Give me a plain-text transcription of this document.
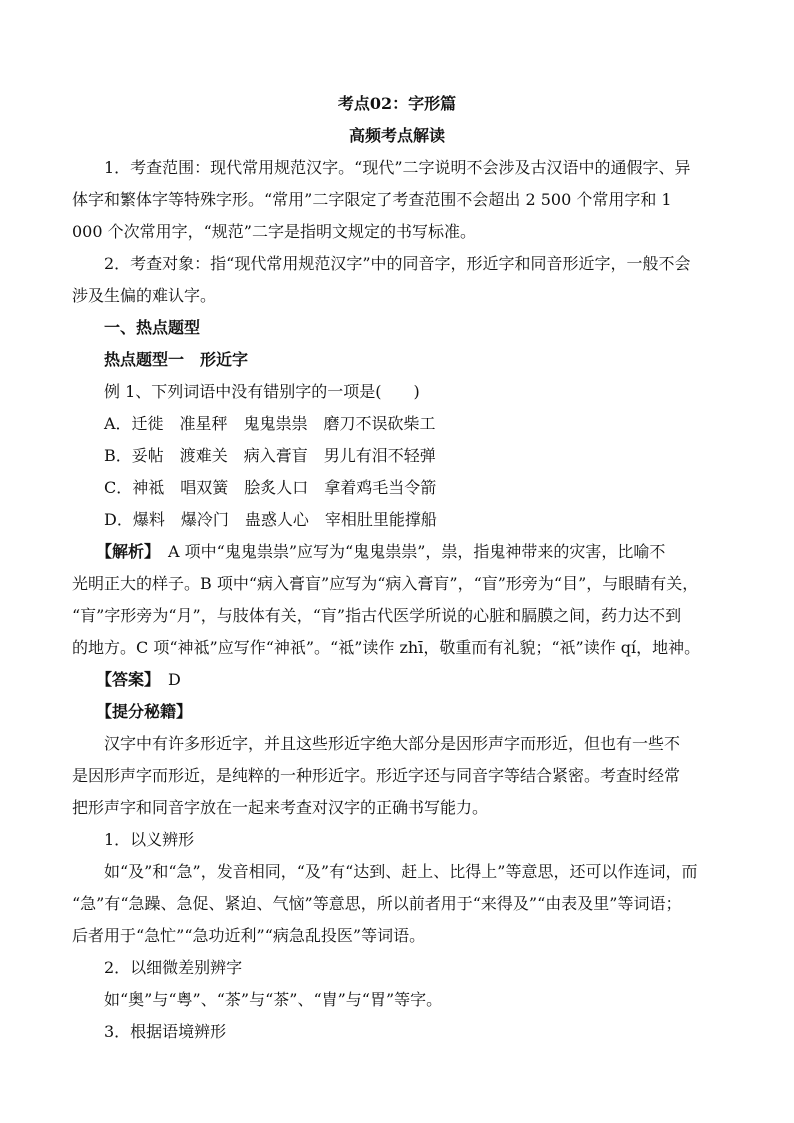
考点02：字形篇
高频考点解读
1．考查范围：现代常用规范汉字。“现代”二字说明不会涉及古汉语中的通假字、异
体字和繁体字等特殊字形。“常用”二字限定了考查范围不会超出 2 500 个常用字和 1
000 个次常用字，“规范”二字是指明文规定的书写标准。
2．考查对象：指“现代常用规范汉字”中的同音字，形近字和同音形近字，一般不会
涉及生偏的难认字。
一、热点题型
热点题型一　形近字
例 1、下列词语中没有错别字的一项是(　　)
A．迁徙　准星秤　鬼鬼祟祟　磨刀不误砍柴工
B．妥帖　渡难关　病入膏盲　男儿有泪不轻弹
C．神祗　唱双簧　脍炙人口　拿着鸡毛当令箭
D．爆料　爆冷门　蛊惑人心　宰相肚里能撑船
【解析】　A 项中“鬼鬼祟祟”应写为“鬼鬼祟祟”，祟，指鬼神带来的灾害，比喻不
光明正大的样子。B 项中“病入膏盲”应写为“病入膏肓”，“盲”形旁为“目”，与眼睛有关，
“肓”字形旁为“月”，与肢体有关，“肓”指古代医学所说的心脏和膈膜之间，药力达不到
的地方。C 项“神祗”应写作“神祇”。“祗”读作 zhī，敬重而有礼貌；“祇”读作 qí，地神。
【答案】　D
【提分秘籍】
汉字中有许多形近字，并且这些形近字绝大部分是因形声字而形近，但也有一些不
是因形声字而形近，是纯粹的一种形近字。形近字还与同音字等结合紧密。考查时经常
把形声字和同音字放在一起来考查对汉字的正确书写能力。
1．以义辨形
如“及”和“急”，发音相同，“及”有“达到、赶上、比得上”等意思，还可以作连词，而
“急”有“急躁、急促、紧迫、气恼”等意思，所以前者用于“来得及”“由表及里”等词语；
后者用于“急忙”“急功近利”“病急乱投医”等词语。
2．以细微差别辨字
如“奥”与“粤”、“茶”与“茶”、“胄”与“胃”等字。
3．根据语境辨形
